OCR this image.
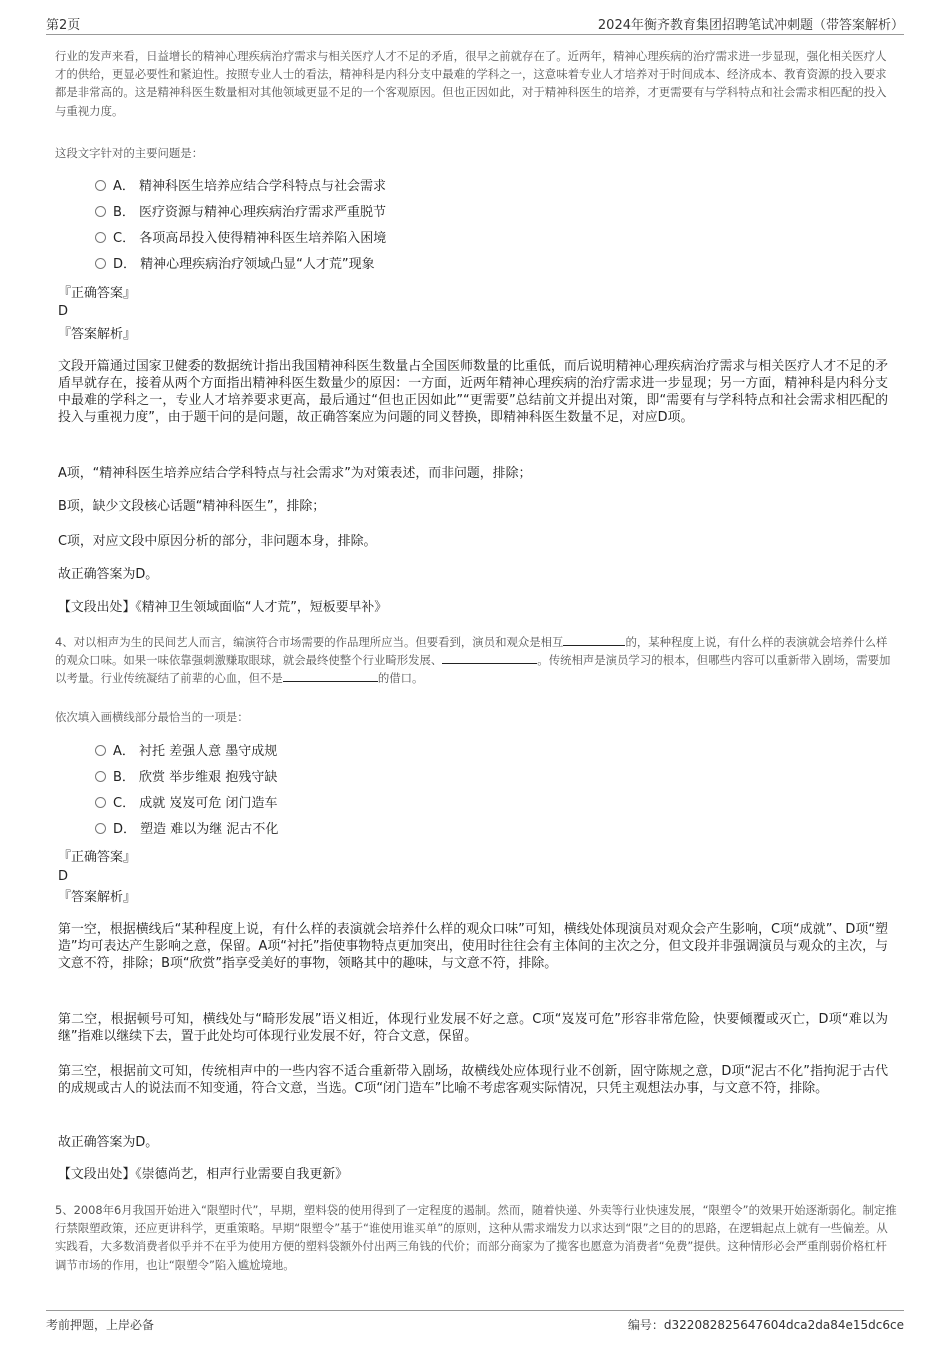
第2页	2024年衡齐教育集团招聘笔试冲刺题（带答案解析）
行业的发声来看，日益增长的精神心理疾病治疗需求与相关医疗人才不足的矛盾，很早之前就存在了。近两年，精神心理疾病的治疗需求进一步显现，强化相关医疗人才的供给，更显必要性和紧迫性。按照专业人士的看法，精神科是内科分支中最难的学科之一，这意味着专业人才培养对于时间成本、经济成本、教育资源的投入要求都是非常高的。这是精神科医生数量相对其他领域更显不足的一个客观原因。但也正因如此，对于精神科医生的培养，才更需要有与学科特点和社会需求相匹配的投入与重视力度。
这段文字针对的主要问题是：
A． 精神科医生培养应结合学科特点与社会需求
B． 医疗资源与精神心理疾病治疗需求严重脱节
C． 各项高昂投入使得精神科医生培养陷入困境
D． 精神心理疾病治疗领域凸显“人才荒”现象
『正确答案』
D
『答案解析』
文段开篇通过国家卫健委的数据统计指出我国精神科医生数量占全国医师数量的比重低，而后说明精神心理疾病治疗需求与相关医疗人才不足的矛盾早就存在，接着从两个方面指出精神科医生数量少的原因：一方面，近两年精神心理疾病的治疗需求进一步显现；另一方面，精神科是内科分支中最难的学科之一，专业人才培养要求更高，最后通过“但也正因如此”“更需要”总结前文并提出对策，即“需要有与学科特点和社会需求相匹配的投入与重视力度”，由于题干问的是问题，故正确答案应为问题的同义替换，即精神科医生数量不足，对应D项。
A项，“精神科医生培养应结合学科特点与社会需求”为对策表述，而非问题，排除；
B项，缺少文段核心话题“精神科医生”，排除；
C项，对应文段中原因分析的部分，非问题本身，排除。
故正确答案为D。
【文段出处】《精神卫生领域面临“人才荒”，短板要早补》
4、对以相声为生的民间艺人而言，编演符合市场需要的作品理所应当。但要看到，演员和观众是相互	的，某种程度上说，有什么样的表演就会培养什么样的观众口味。如果一味依靠强刺激赚取眼球，就会最终使整个行业畸形发展、	。传统相声是演员学习的根本，但哪些内容可以重新带入剧场，需要加以考量。行业传统凝结了前辈的心血，但不是	的借口。
依次填入画横线部分最恰当的一项是：
A． 衬托 差强人意 墨守成规
B． 欣赏 举步维艰 抱残守缺
C． 成就 岌岌可危 闭门造车
D． 塑造 难以为继 泥古不化
『正确答案』
D
『答案解析』
第一空，根据横线后“某种程度上说，有什么样的表演就会培养什么样的观众口味”可知，横线处体现演员对观众会产生影响，C项“成就”、D项“塑造”均可表达产生影响之意，保留。A项“衬托”指使事物特点更加突出，使用时往往会有主体间的主次之分，但文段并非强调演员与观众的主次，与文意不符，排除；B项“欣赏”指享受美好的事物，领略其中的趣味，与文意不符，排除。
第二空，根据顿号可知，横线处与“畸形发展”语义相近，体现行业发展不好之意。C项“岌岌可危”形容非常危险，快要倾覆或灭亡，D项“难以为继”指难以继续下去，置于此处均可体现行业发展不好，符合文意，保留。
第三空，根据前文可知，传统相声中的一些内容不适合重新带入剧场，故横线处应体现行业不创新，固守陈规之意，D项“泥古不化”指拘泥于古代的成规或古人的说法而不知变通，符合文意，当选。C项“闭门造车”比喻不考虑客观实际情况，只凭主观想法办事，与文意不符，排除。
故正确答案为D。
【文段出处】《崇德尚艺，相声行业需要自我更新》
5、2008年6月我国开始进入“限塑时代”，早期，塑料袋的使用得到了一定程度的遏制。然而，随着快递、外卖等行业快速发展，“限塑令”的效果开始逐渐弱化。制定推行禁限塑政策，还应更讲科学，更重策略。早期“限塑令”基于“谁使用谁买单”的原则，这种从需求端发力以求达到“限”之目的的思路，在逻辑起点上就有一些偏差。从实践看，大多数消费者似乎并不在乎为使用方便的塑料袋额外付出两三角钱的代价；而部分商家为了揽客也愿意为消费者“免费”提供。这种情形必会严重削弱价格杠杆调节市场的作用，也让“限塑令”陷入尴尬境地。
考前押题，上岸必备	编号：d322082825647604dca2da84e15dc6ce
